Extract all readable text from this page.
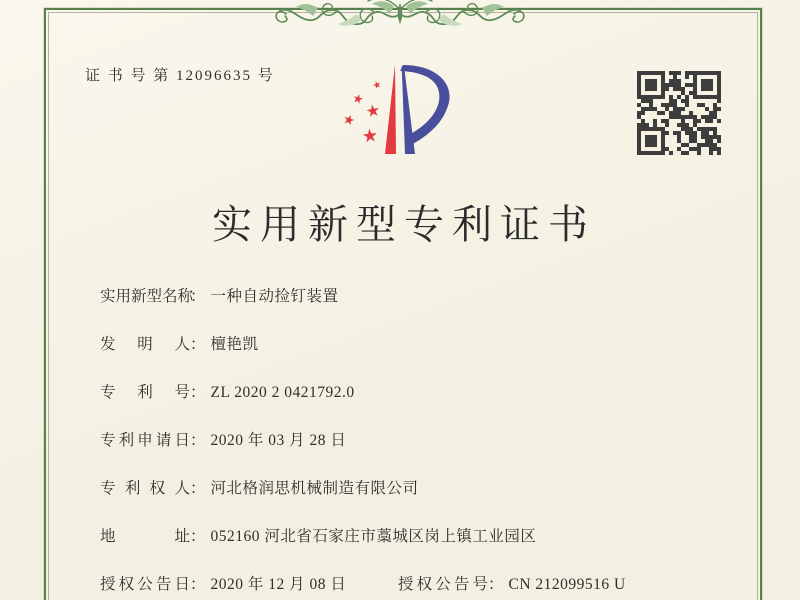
证 书 号 第 12096635 号
实用新型专利证书
实用新型名称： 一种自动捡钉装置
发明人： 檀艳凯
专利号： ZL 2020 2 0421792.0
专利申请日： 2020 年 03 月 28 日
专利权人： 河北格润思机械制造有限公司
地址： 052160 河北省石家庄市藁城区岗上镇工业园区
授权公告日： 2020 年 12 月 08 日	授权公告号： CN 212099516 U
